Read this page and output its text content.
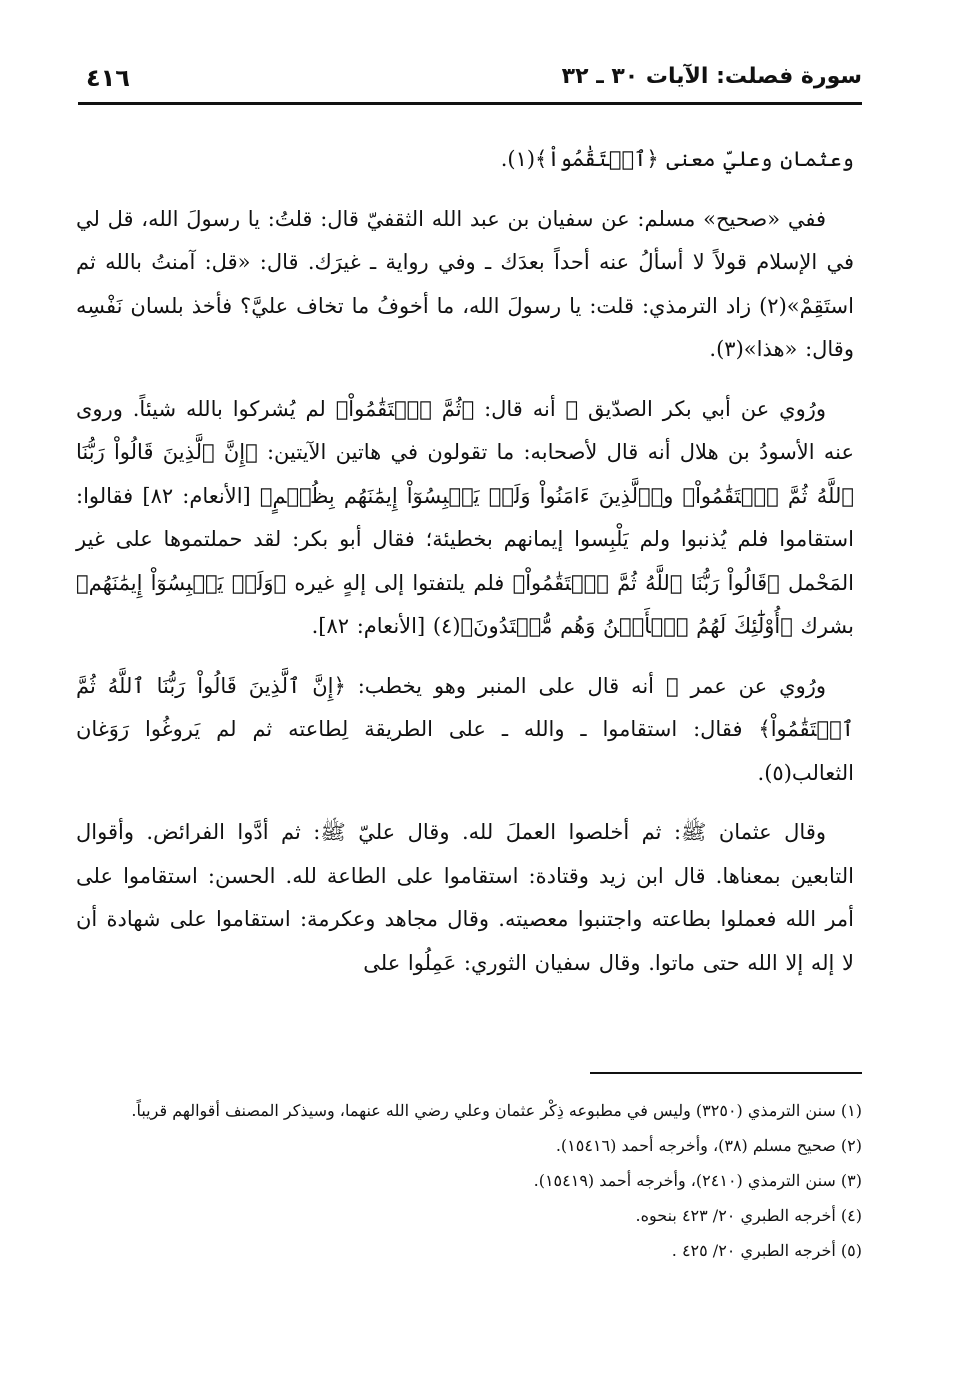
سورة فصلت: الآيات ٣٠ ـ ٣٢
٤١٦

وعثمان وعليّ معنى ﴿ٱسۡتَقَٰمُواْ﴾(١).

ففي «صحيح» مسلم: عن سفيان بن عبد الله الثقفيّ قال: قلتُ: يا رسولَ الله، قل لي في الإسلام قولاً لا أسألُ عنه أحداً بعدَك ـ وفي رواية ـ غيرَك. قال: «قل: آمنتُ بالله ثم استَقِمْ»(٢) زاد الترمذي: قلت: يا رسولَ الله، ما أخوفُ ما تخاف عليَّ؟ فأخذ بلسان نَفْسِه وقال: «هذا»(٣).

ورُوي عن أبي بكر الصدّيق ﷺ أنه قال: ﴿ثُمَّ ٱسۡتَقَٰمُواْ﴾ لم يُشركوا بالله شيئاً. وروى عنه الأسودُ بن هلال أنه قال لأصحابه: ما تقولون في هاتين الآيتين: ﴿إِنَّ ٱلَّذِينَ قَالُواْ رَبُّنَا ٱللَّهُ ثُمَّ ٱسۡتَقَٰمُواْ﴾ و﴿ٱلَّذِينَ ءَامَنُواْ وَلَمۡ يَلۡبِسُوٓاْ إِيمَٰنَهُم بِظُلۡمٍ﴾ [الأنعام: ٨٢] فقالوا: استقاموا فلم يُذنبوا ولم يَلْبِسوا إيمانهم بخطيئة؛ فقال أبو بكر: لقد حملتموها على غير المَحْمل ﴿قَالُواْ رَبُّنَا ٱللَّهُ ثُمَّ ٱسۡتَقَٰمُواْ﴾ فلم يلتفتوا إلى إلهٍ غيره ﴿وَلَمۡ يَلۡبِسُوٓاْ إِيمَٰنَهُم﴾ بشرك ﴿أُوْلَٰٓئِكَ لَهُمُ ٱلۡأَمۡنُ وَهُم مُّهۡتَدُونَ﴾(٤) [الأنعام: ٨٢].

ورُوي عن عمر ﷺ أنه قال على المنبر وهو يخطب: ﴿إِنَّ ٱلَّذِينَ قَالُواْ رَبُّنَا ٱللَّهُ ثُمَّ ٱسۡتَقَٰمُواْ﴾ فقال: استقاموا ـ والله ـ على الطريقة لِطاعته ثم لم يَروغُوا رَوَغان الثعالب(٥).

وقال عثمان ﷺ: ثم أخلصوا العملَ لله. وقال عليّ ﷺ: ثم أدَّوا الفرائض. وأقوال التابعين بمعناها. قال ابن زيد وقتادة: استقاموا على الطاعة لله. الحسن: استقاموا على أمر الله فعملوا بطاعته واجتنبوا معصيته. وقال مجاهد وعكرمة: استقاموا على شهادة أن لا إله إلا الله حتى ماتوا. وقال سفيان الثوري: عَمِلُوا على

(١) سنن الترمذي (٣٢٥٠) وليس في مطبوعه ذِكْر عثمان وعلي رضي الله عنهما، وسيذكر المصنف أقوالهم قريباً.

(٢) صحيح مسلم (٣٨)، وأخرجه أحمد (١٥٤١٦).

(٣) سنن الترمذي (٢٤١٠)، وأخرجه أحمد (١٥٤١٩).

(٤) أخرجه الطبري ٢٠/ ٤٢٣ بنحوه.

(٥) أخرجه الطبري ٢٠/ ٤٢٥ .
